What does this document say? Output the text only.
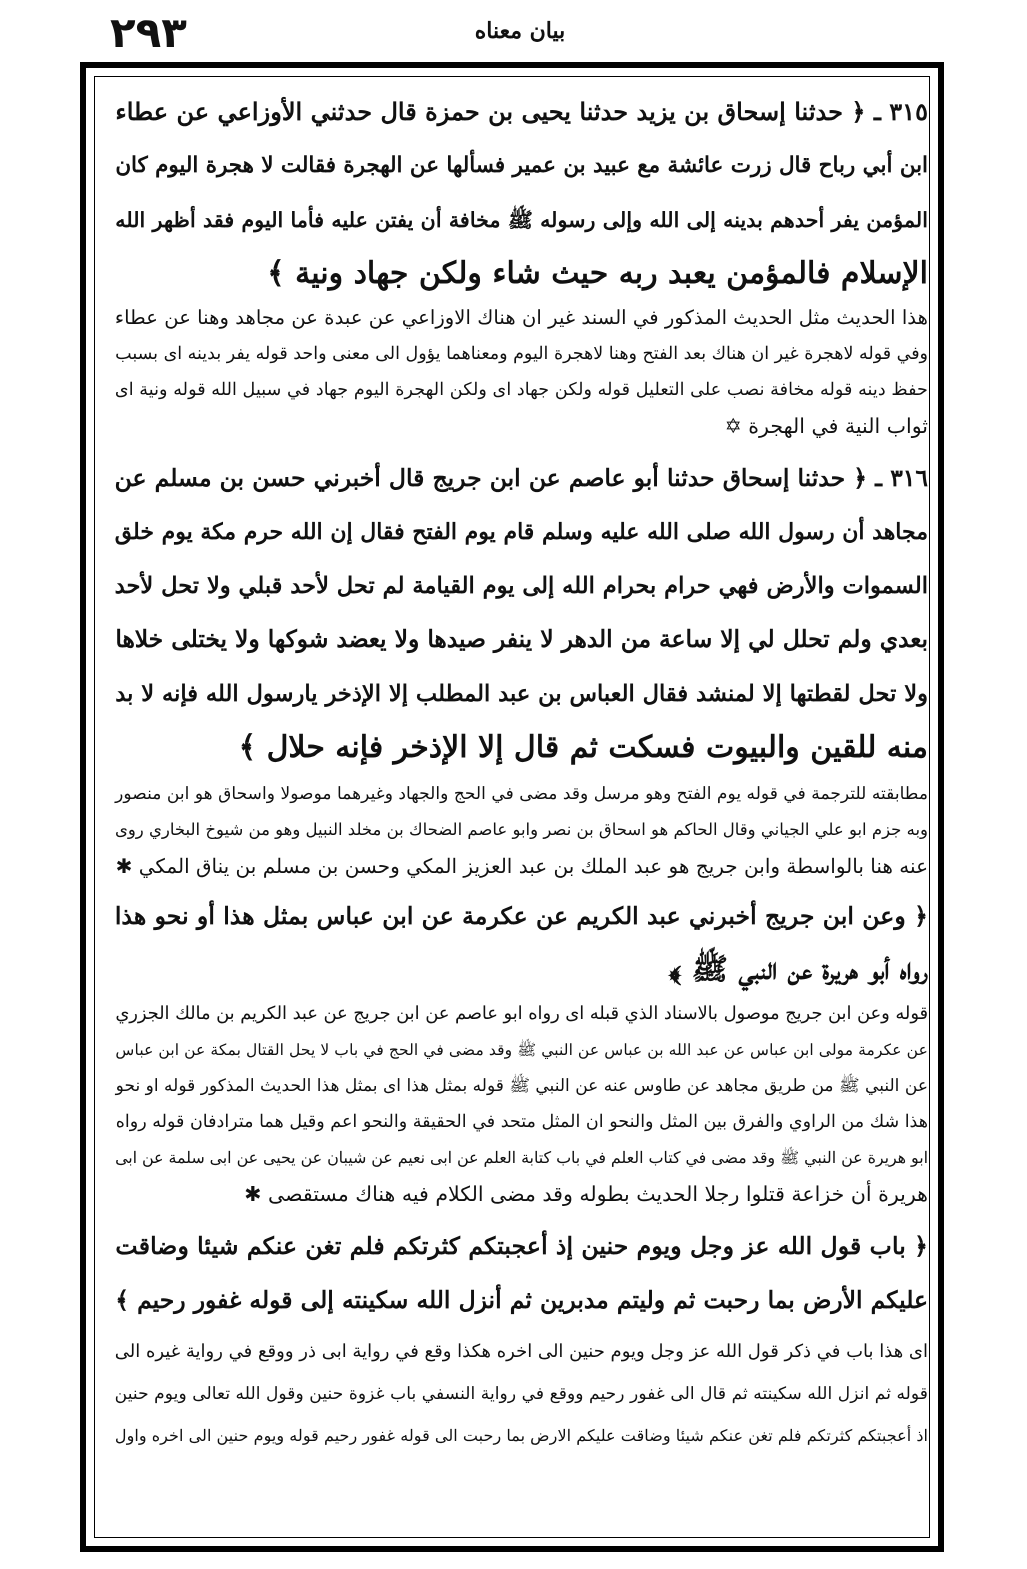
٢٩٣	بيان معناه
٣١٥ ـ ﴿ حدثنا إسحاق بن يزيد حدثنا يحيى بن حمزة قال حدثني الأوزاعي عن عطاء
ابن أبي رباح قال زرت عائشة مع عبيد بن عمير فسألها عن الهجرة فقالت لا هجرة اليوم كان
المؤمن يفر أحدهم بدينه إلى الله وإلى رسوله ﷺ مخافة أن يفتن عليه فأما اليوم فقد أظهر الله
الإسلام فالمؤمن يعبد ربه حيث شاء ولكن جهاد ونية ﴾
هذا الحديث مثل الحديث المذكور في السند غير ان هناك الاوزاعي عن عبدة عن مجاهد وهنا عن عطاء
وفي قوله لاهجرة غير ان هناك بعد الفتح وهنا لاهجرة اليوم ومعناهما يؤول الى معنى واحد قوله يفر بدينه اى بسبب
حفظ دينه قوله مخافة نصب على التعليل قوله ولكن جهاد اى ولكن الهجرة اليوم جهاد في سبيل الله قوله ونية اى
ثواب النية في الهجرة ✡
٣١٦ ـ ﴿ حدثنا إسحاق حدثنا أبو عاصم عن ابن جريج قال أخبرني حسن بن مسلم عن
مجاهد أن رسول الله صلى الله عليه وسلم قام يوم الفتح فقال إن الله حرم مكة يوم خلق
السموات والأرض فهي حرام بحرام الله إلى يوم القيامة لم تحل لأحد قبلي ولا تحل لأحد
بعدي ولم تحلل لي إلا ساعة من الدهر لا ينفر صيدها ولا يعضد شوكها ولا يختلى خلاها
ولا تحل لقطتها إلا لمنشد فقال العباس بن عبد المطلب إلا الإذخر يارسول الله فإنه لا بد
منه للقين والبيوت فسكت ثم قال إلا الإذخر فإنه حلال ﴾
مطابقته للترجمة في قوله يوم الفتح وهو مرسل وقد مضى في الحج والجهاد وغيرهما موصولا واسحاق هو ابن منصور
وبه جزم ابو علي الجياني وقال الحاكم هو اسحاق بن نصر وابو عاصم الضحاك بن مخلد النبيل وهو من شيوخ البخاري روى
عنه هنا بالواسطة وابن جريج هو عبد الملك بن عبد العزيز المكي وحسن بن مسلم بن يناق المكي ✱
﴿ وعن ابن جريج أخبرني عبد الكريم عن عكرمة عن ابن عباس بمثل هذا أو نحو هذا
رواه أبو هريرة عن النبي ﷺ ﴾
قوله وعن ابن جريج موصول بالاسناد الذي قبله اى رواه ابو عاصم عن ابن جريج عن عبد الكريم بن مالك الجزري
عن عكرمة مولى ابن عباس عن عبد الله بن عباس عن النبي ﷺ وقد مضى في الحج في باب لا يحل القتال بمكة عن ابن عباس
عن النبي ﷺ من طريق مجاهد عن طاوس عنه عن النبي ﷺ قوله بمثل هذا اى بمثل هذا الحديث المذكور قوله او نحو
هذا شك من الراوي والفرق بين المثل والنحو ان المثل متحد في الحقيقة والنحو اعم وقيل هما مترادفان قوله رواه
ابو هريرة عن النبي ﷺ وقد مضى في كتاب العلم في باب كتابة العلم عن ابى نعيم عن شيبان عن يحيى عن ابى سلمة عن ابى
هريرة أن خزاعة قتلوا رجلا الحديث بطوله وقد مضى الكلام فيه هناك مستقصى ✱
﴿ باب قول الله عز وجل ويوم حنين إذ أعجبتكم كثرتكم فلم تغن عنكم شيئا وضاقت
عليكم الأرض بما رحبت ثم وليتم مدبرين ثم أنزل الله سكينته إلى قوله غفور رحيم ﴾
اى هذا باب في ذكر قول الله عز وجل ويوم حنين الى اخره هكذا وقع في رواية ابى ذر ووقع في رواية غيره الى
قوله ثم انزل الله سكينته ثم قال الى غفور رحيم ووقع في رواية النسفي باب غزوة حنين وقول الله تعالى ويوم حنين
اذ أعجبتكم كثرتكم فلم تغن عنكم شيئا وضاقت عليكم الارض بما رحبت الى قوله غفور رحيم قوله ويوم حنين الى اخره واول
